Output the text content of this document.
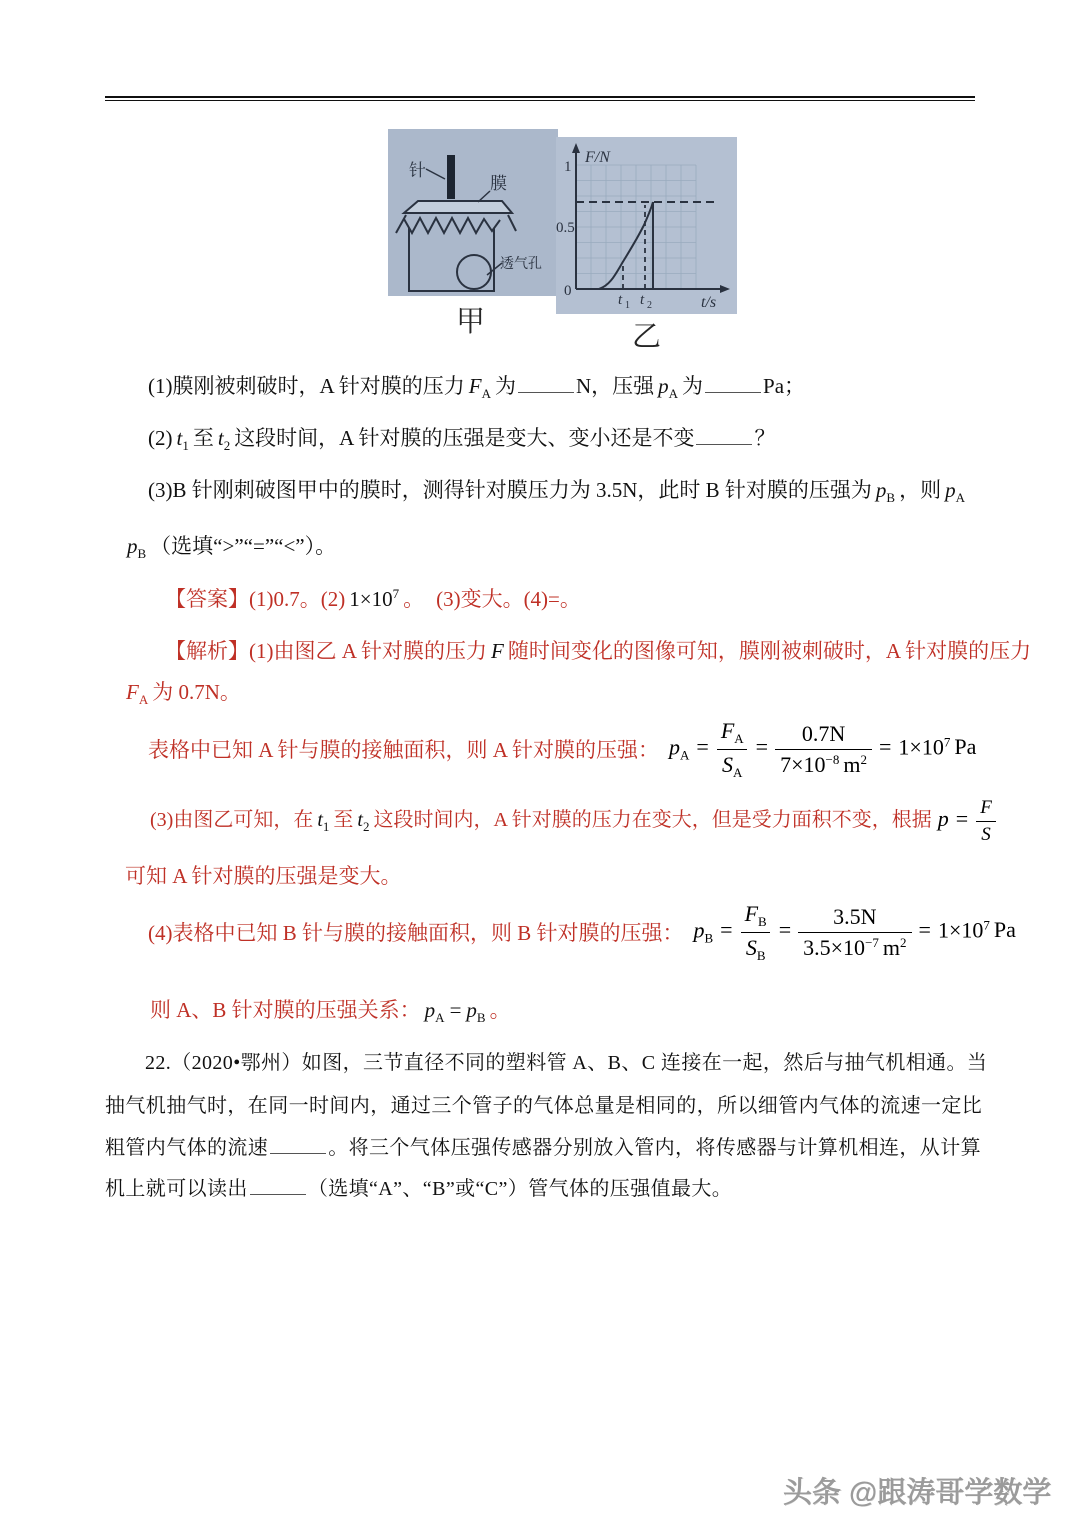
针
膜
透气孔
F/N
1
0.5
0
t 1 t 2	t/s
甲	乙
(1)膜刚被刺破时，A 针对膜的压力 $F_A$ 为	N，压强 $p_A$ 为	Pa；
(2) $t_1$ 至 $t_2$ 这段时间，A 针对膜的压强是变大、变小还是不变	？
(3)B 针刚刺破图甲中的膜时，测得针对膜压力为 3.5N，此时 B 针对膜的压强为 $p_B$ ，则 $p_A$
$p_B$ （选填“>”“=”“<”）。
【答案】(1)0.7。(2) $1\times 10^7$ 。 (3)变大。(4)=。
【解析】(1)由图乙 A 针对膜的压力 F 随时间变化的图像可知，膜刚被刺破时，A 针对膜的压力
$F_A$ 为 0.7N。
表格中已知 A 针与膜的接触面积，则 A 针对膜的压强： $p_A = \frac{F_A}{S_A} = \frac{0.7N}{7\times 10^{-8} m^2} = 1\times 10^7$ Pa
(3)由图乙可知，在 $t_1$ 至 $t_2$ 这段时间内，A 针对膜的压力在变大，但是受力面积不变，根据 $p = \frac{F}{S}$
可知 A 针对膜的压强是变大。
(4)表格中已知 B 针与膜的接触面积，则 B 针对膜的压强： $p_B = \frac{F_B}{S_B} = \frac{3.5N}{3.5\times 10^{-7} m^2} = 1\times 10^7$ Pa
则 A、B 针对膜的压强关系： $p_A = p_B$ 。
22.（2020•鄂州）如图，三节直径不同的塑料管 A、B、C 连接在一起，然后与抽气机相通。当
抽气机抽气时，在同一时间内，通过三个管子的气体总量是相同的，所以细管内气体的流速一定比
粗管内气体的流速	。将三个气体压强传感器分别放入管内，将传感器与计算机相连，从计算
机上就可以读出	（选填“A”、“B”或“C”）管气体的压强值最大。
头条 @跟涛哥学数学
